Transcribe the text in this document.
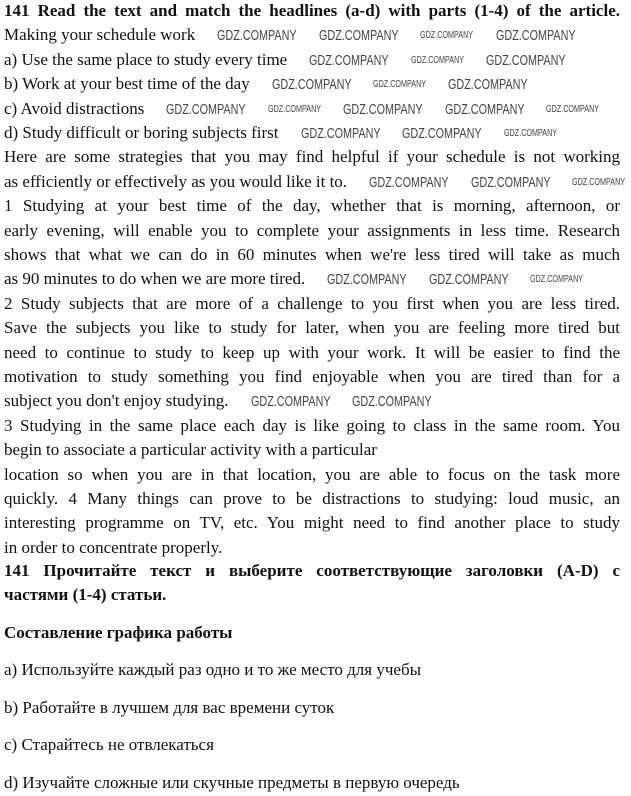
141 Read the text and match the headlines (a-d) with parts (1-4) of the article.
Making your schedule work
a) Use the same place to study every time
b) Work at your best time of the day
c) Avoid distractions
d) Study difficult or boring subjects first
Here are some strategies that you may find helpful if your schedule is not working
as efficiently or effectively as you would like it to.
1 Studying at your best time of the day, whether that is morning, afternoon, or
early evening, will enable you to complete your assignments in less time. Research
shows that what we can do in 60 minutes when we're less tired will take as much
as 90 minutes to do when we are more tired.
2 Study subjects that are more of a challenge to you first when you are less tired.
Save the subjects you like to study for later, when you are feeling more tired but
need to continue to study to keep up with your work. It will be easier to find the
motivation to study something you find enjoyable when you are tired than for a
subject you don't enjoy studying.
3 Studying in the same place each day is like going to class in the same room. You
begin to associate a particular activity with a particular
location so when you are in that location, you are able to focus on the task more
quickly. 4 Many things can prove to be distractions to studying: loud music, an
interesting programme on TV, etc. You might need to find another place to study
in order to concentrate properly.
141 Прочитайте текст и выберите соответствующие заголовки (A-D) с
частями (1-4) статьи.
Составление графика работы
a) Используйте каждый раз одно и то же место для учебы
b) Работайте в лучшем для вас времени суток
c) Старайтесь не отвлекаться
d) Изучайте сложные или скучные предметы в первую очередь
GDZ.COMPANY GDZ.COMPANY GDZ.COMPANY GDZ.COMPANY
GDZ.COMPANY GDZ.COMPANY GDZ.COMPANY
GDZ.COMPANY GDZ.COMPANY GDZ.COMPANY
GDZ.COMPANY GDZ.COMPANY GDZ.COMPANY GDZ.COMPANY GDZ.COMPANY
GDZ.COMPANY GDZ.COMPANY GDZ.COMPANY
GDZ.COMPANY GDZ.COMPANY GDZ.COMPANY
GDZ.COMPANY GDZ.COMPANY GDZ.COMPANY
GDZ.COMPANY GDZ.COMPANY
